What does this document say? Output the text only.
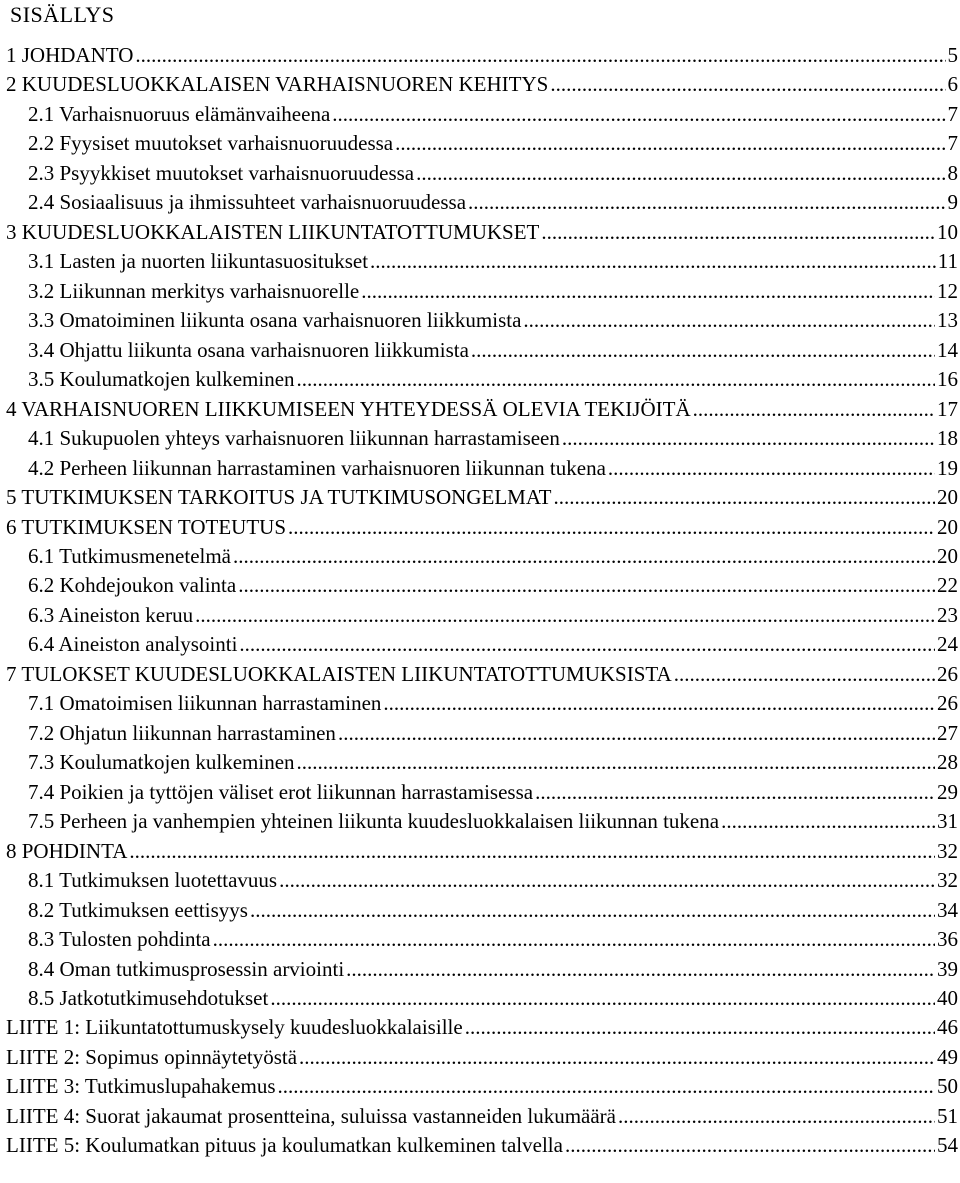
SISÄLLYS
1 JOHDANTO .....	5
2 KUUDESLUOKKALAISEN VARHAISNUOREN KEHITYS .....	6
2.1 Varhaisnuoruus elämänvaiheena .....	7
2.2 Fyysiset muutokset varhaisnuoruudessa .....	7
2.3 Psyykkiset muutokset varhaisnuoruudessa .....	8
2.4 Sosiaalisuus ja ihmissuhteet varhaisnuoruudessa .....	9
3 KUUDESLUOKKALAISTEN LIIKUNTATOTTUMUKSET .....	10
3.1 Lasten ja nuorten liikuntasuositukset .....	11
3.2 Liikunnan merkitys varhaisnuorelle .....	12
3.3 Omatoiminen liikunta osana varhaisnuoren liikkumista .....	13
3.4 Ohjattu liikunta osana varhaisnuoren liikkumista .....	14
3.5 Koulumatkojen kulkeminen .....	16
4 VARHAISNUOREN LIIKKUMISEEN YHTEYDESSÄ OLEVIA TEKIJÖITÄ .....	17
4.1 Sukupuolen yhteys varhaisnuoren liikunnan harrastamiseen .....	18
4.2 Perheen liikunnan harrastaminen varhaisnuoren liikunnan tukena .....	19
5 TUTKIMUKSEN TARKOITUS JA TUTKIMUSONGELMAT .....	20
6 TUTKIMUKSEN TOTEUTUS .....	20
6.1 Tutkimusmenetelmä .....	20
6.2 Kohdejoukon valinta .....	22
6.3 Aineiston keruu .....	23
6.4 Aineiston analysointi .....	24
7 TULOKSET KUUDESLUOKKALAISTEN LIIKUNTATOTTUMUKSISTA .....	26
7.1 Omatoimisen liikunnan harrastaminen .....	26
7.2 Ohjatun liikunnan harrastaminen .....	27
7.3 Koulumatkojen kulkeminen .....	28
7.4 Poikien ja tyttöjen väliset erot liikunnan harrastamisessa .....	29
7.5 Perheen ja vanhempien yhteinen liikunta kuudesluokkalaisen liikunnan tukena .....	31
8 POHDINTA .....	32
8.1 Tutkimuksen luotettavuus .....	32
8.2 Tutkimuksen eettisyys .....	34
8.3 Tulosten pohdinta .....	36
8.4 Oman tutkimusprosessin arviointi .....	39
8.5 Jatkotutkimusehdotukset .....	40
LIITE 1: Liikuntatottumuskysely kuudesluokkalaisille .....	46
LIITE 2: Sopimus opinnäytetyöstä .....	49
LIITE 3: Tutkimuslupahakemus .....	50
LIITE 4: Suorat jakaumat prosentteina, suluissa vastanneiden lukumäärä .....	51
LIITE 5: Koulumatkan pituus ja koulumatkan kulkeminen talvella .....	54
